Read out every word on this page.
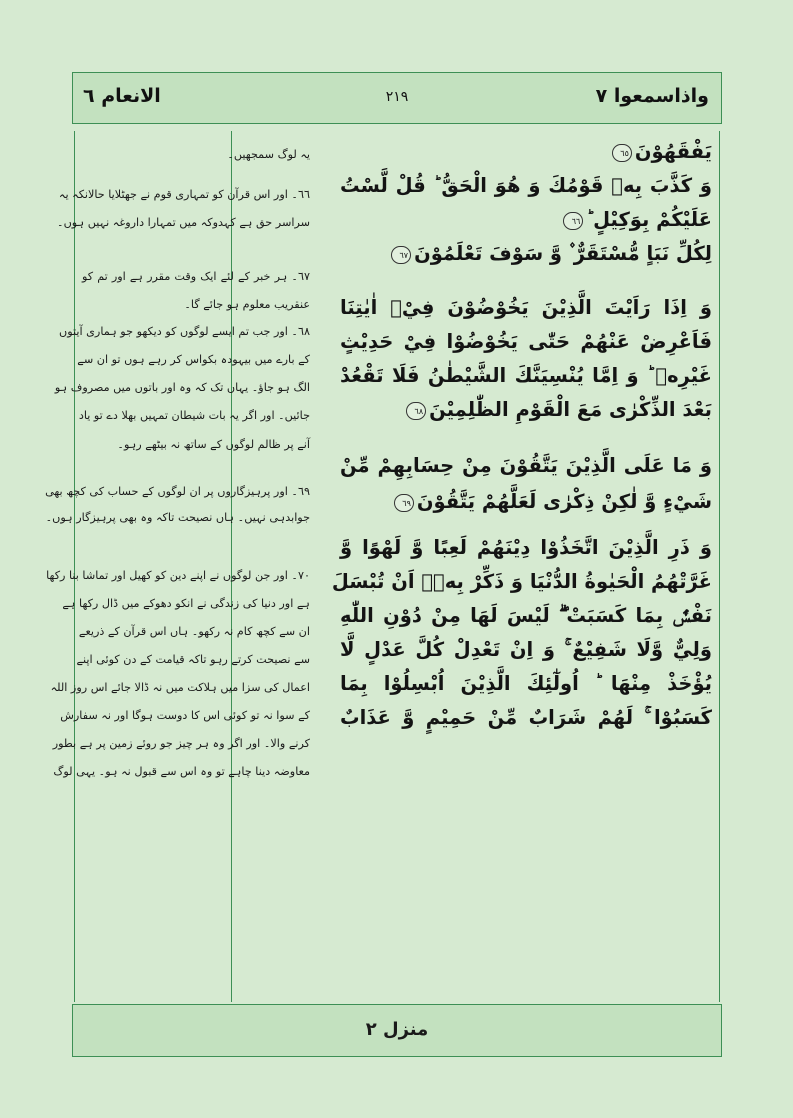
الانعام ٦	۲۱۹	واذاسمعوا ۷
یہ لوگ سمجھیں۔
٦٦۔ اور اس قرآن کو تمہاری قوم نے جھٹلایا حالانکہ یہ
سراسر حق ہے کہدوکہ میں تمہارا داروغہ نہیں ہوں۔
٦٧۔ ہر خبر کے لئے ایک وقت مقرر ہے اور تم کو
عنقریب معلوم ہو جائے گا۔
٦٨۔ اور جب تم ایسے لوگوں کو دیکھو جو ہماری آیتوں
کے بارے میں بیہودہ بکواس کر رہے ہوں تو ان سے
الگ ہو جاؤ۔ یہاں تک کہ وہ اور باتوں میں مصروف ہو
جائیں۔ اور اگر یہ بات شیطان تمہیں بھلا دے تو یاد
آنے پر ظالم لوگوں کے ساتھ نہ بیٹھے رہو۔
٦٩۔ اور پرہیزگاروں پر ان لوگوں کے حساب کی کچھ بھی
جوابدہی نہیں۔ ہاں نصیحت تاکہ وہ بھی پرہیزگار ہوں۔
٧٠۔ اور جن لوگوں نے اپنے دین کو کھیل اور تماشا بنا رکھا
ہے اور دنیا کی زندگی نے انکو دھوکے میں ڈال رکھا ہے
ان سے کچھ کام نہ رکھو۔ ہاں اس قرآن کے ذریعے
سے نصیحت کرتے رہو تاکہ قیامت کے دن کوئی اپنے
اعمال کی سزا میں ہلاکت میں نہ ڈالا جائے اس روز اللہ
کے سوا نہ تو کوئی اس کا دوست ہوگا اور نہ سفارش
کرنے والا۔ اور اگر وہ ہر چیز جو روئے زمین پر ہے بطور
معاوضہ دینا چاہے تو وہ اس سے قبول نہ ہو۔ یہی لوگ
يَفْقَهُوْنَ٦٥
وَ كَذَّبَ بِهٖ قَوْمُكَ وَ هُوَ الْحَقُّ ؕ قُلْ لَّسْتُ
عَلَيْكُمْ بِوَكِيْلٍ ؕ٦٦
لِكُلِّ نَبَاٍ مُّسْتَقَرٌّ ۫ وَّ سَوْفَ تَعْلَمُوْنَ٦٧
وَ اِذَا رَاَيْتَ الَّذِيْنَ يَخُوْضُوْنَ فِيْۤ اٰيٰتِنَا
فَاَعْرِضْ عَنْهُمْ حَتّٰى يَخُوْضُوْا فِيْ حَدِيْثٍ
غَيْرِهٖ ؕ وَ اِمَّا يُنْسِيَنَّكَ الشَّيْطٰنُ فَلَا تَقْعُدْ
بَعْدَ الذِّكْرٰى مَعَ الْقَوْمِ الظّٰلِمِيْنَ٦٨
وَ مَا عَلَى الَّذِيْنَ يَتَّقُوْنَ مِنْ حِسَابِهِمْ مِّنْ
شَيْءٍ وَّ لٰكِنْ ذِكْرٰى لَعَلَّهُمْ يَتَّقُوْنَ٦٩
وَ ذَرِ الَّذِيْنَ اتَّخَذُوْا دِيْنَهُمْ لَعِبًا وَّ لَهْوًا وَّ
غَرَّتْهُمُ الْحَيٰوةُ الدُّنْيَا وَ ذَكِّرْ بِهٖۤ اَنْ تُبْسَلَ
نَفْسٌۢ بِمَا كَسَبَتْ ۖۗ لَيْسَ لَهَا مِنْ دُوْنِ اللّٰهِ
وَلِيٌّ وَّلَا شَفِيْعٌ ۚ وَ اِنْ تَعْدِلْ كُلَّ عَدْلٍ لَّا
يُؤْخَذْ مِنْهَا ؕ اُولٰٓئِكَ الَّذِيْنَ اُبْسِلُوْا بِمَا
كَسَبُوْا ۚ لَهُمْ شَرَابٌ مِّنْ حَمِيْمٍ وَّ عَذَابٌ
منزل ۲
